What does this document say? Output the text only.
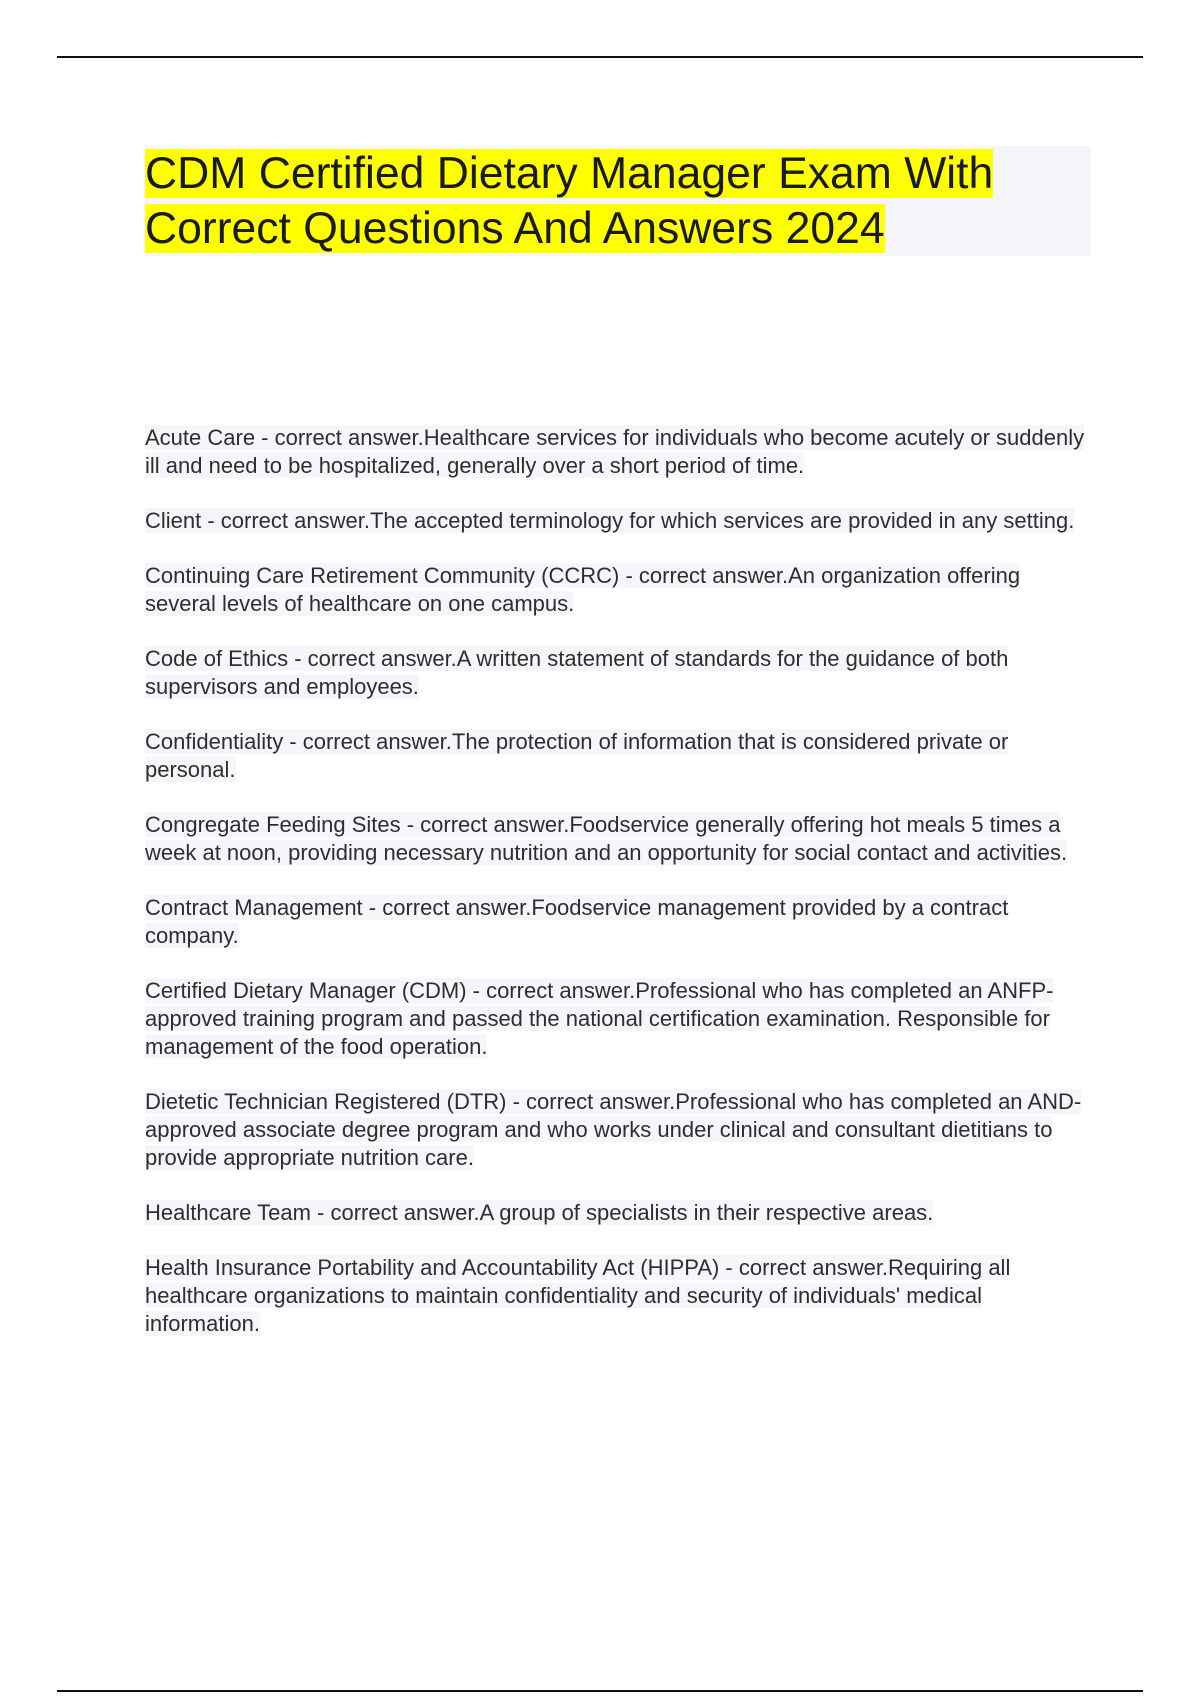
CDM Certified Dietary Manager Exam With Correct Questions And Answers 2024

Acute Care - correct answer.Healthcare services for individuals who become acutely or suddenly ill and need to be hospitalized, generally over a short period of time.

Client - correct answer.The accepted terminology for which services are provided in any setting.

Continuing Care Retirement Community (CCRC) - correct answer.An organization offering several levels of healthcare on one campus.

Code of Ethics - correct answer.A written statement of standards for the guidance of both supervisors and employees.

Confidentiality - correct answer.The protection of information that is considered private or personal.

Congregate Feeding Sites - correct answer.Foodservice generally offering hot meals 5 times a week at noon, providing necessary nutrition and an opportunity for social contact and activities.

Contract Management - correct answer.Foodservice management provided by a contract company.

Certified Dietary Manager (CDM) - correct answer.Professional who has completed an ANFP-approved training program and passed the national certification examination. Responsible for management of the food operation.

Dietetic Technician Registered (DTR) - correct answer.Professional who has completed an AND-approved associate degree program and who works under clinical and consultant dietitians to provide appropriate nutrition care.

Healthcare Team - correct answer.A group of specialists in their respective areas.

Health Insurance Portability and Accountability Act (HIPPA) - correct answer.Requiring all healthcare organizations to maintain confidentiality and security of individuals' medical information.
